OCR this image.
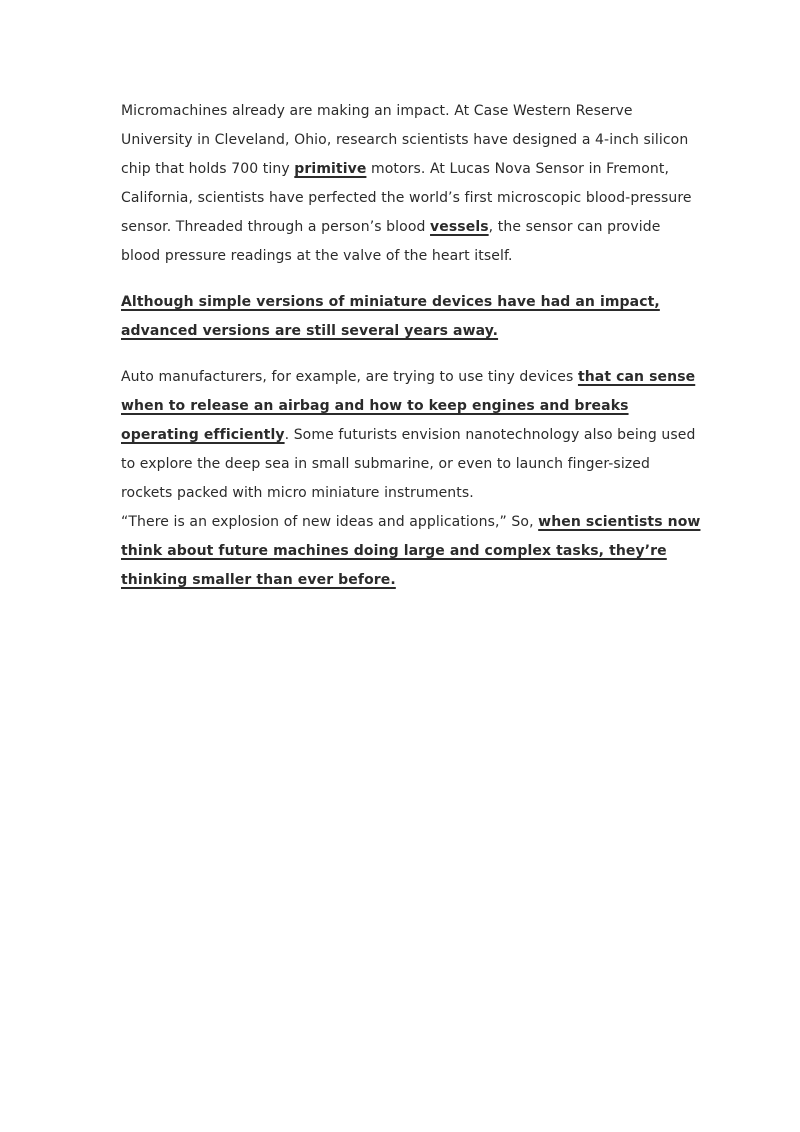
Micromachines already are making an impact. At Case Western Reserve University in Cleveland, Ohio, research scientists have designed a 4-inch silicon chip that holds 700 tiny primitive motors. At Lucas Nova Sensor in Fremont, California, scientists have perfected the world’s first microscopic blood-pressure sensor. Threaded through a person’s blood vessels, the sensor can provide blood pressure readings at the valve of the heart itself.

Although simple versions of miniature devices have had an impact, advanced versions are still several years away.

Auto manufacturers, for example, are trying to use tiny devices that can sense when to release an airbag and how to keep engines and breaks operating efficiently. Some futurists envision nanotechnology also being used to explore the deep sea in small submarine, or even to launch finger-sized rockets packed with micro miniature instruments.

“There is an explosion of new ideas and applications,” So, when scientists now think about future machines doing large and complex tasks, they’re thinking smaller than ever before.
